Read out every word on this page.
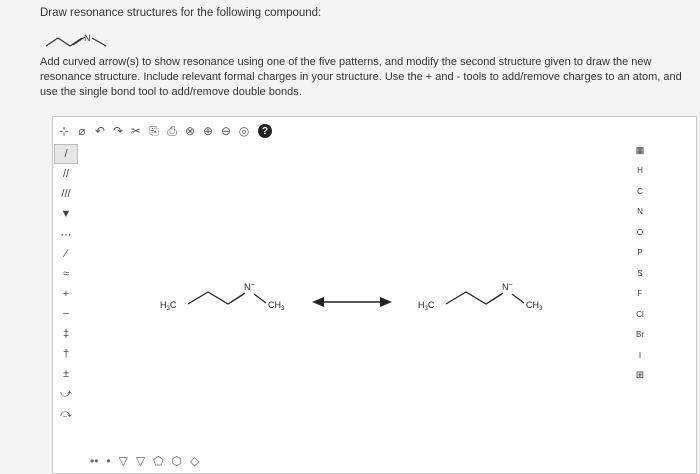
Draw resonance structures for the following compound:
N
Add curved arrow(s) to show resonance using one of the five patterns, and modify the second structure given to draw the new resonance structure. Include relevant formal charges in your structure. Use the + and - tools to add/remove charges to an atom, and use the single bond tool to add/remove double bonds.
⊹ ⌀ ↶ ↷ ✂ ⎘ ⎙ ⊗ ⊕ ⊖ ◎	?
/
//
///
▼
⋯
∕
≈
+
−
‡
†
±
⤻
⤼
▦
H
C
N
O
P
S
F
Cl
Br
I
⊞
•• • ▽ ▽ ⬠ ⬡ ◇
$H_3C$
N−
$CH_3$	$H_3C$
N−
$CH_3$
